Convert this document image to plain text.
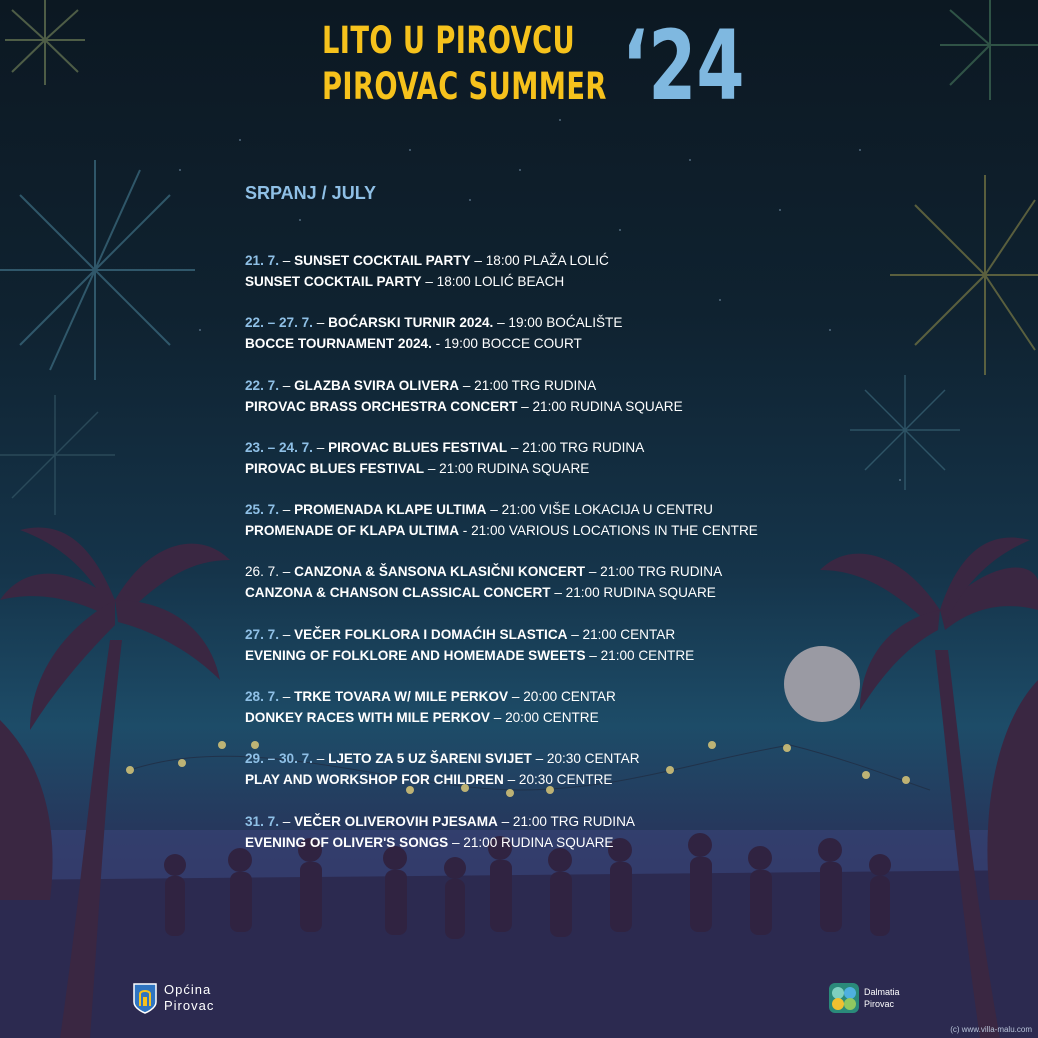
LITO U PIROVCU
PIROVAC SUMMER ‘24
SRPANJ / JULY
21. 7. – SUNSET COCKTAIL PARTY – 18:00 PLAŽA LOLIĆ
SUNSET COCKTAIL PARTY – 18:00 LOLIĆ BEACH
22. – 27. 7. – BOĆARSKI TURNIR 2024. – 19:00 BOĆALIŠTE
BOCCE TOURNAMENT 2024. - 19:00 BOCCE COURT
22. 7. – GLAZBA SVIRA OLIVERA – 21:00 TRG RUDINA
PIROVAC BRASS ORCHESTRA CONCERT – 21:00 RUDINA SQUARE
23. – 24. 7. – PIROVAC BLUES FESTIVAL – 21:00 TRG RUDINA
PIROVAC BLUES FESTIVAL – 21:00 RUDINA SQUARE
25. 7. – PROMENADA KLAPE ULTIMA – 21:00 VIŠE LOKACIJA U CENTRU
PROMENADE OF KLAPA ULTIMA - 21:00 VARIOUS LOCATIONS IN THE CENTRE
26. 7. – CANZONA & ŠANSONA KLASIČNI KONCERT – 21:00 TRG RUDINA
CANZONA & CHANSON CLASSICAL CONCERT – 21:00 RUDINA SQUARE
27. 7. – VEČER FOLKLORA I DOMAĆIH SLASTICA – 21:00 CENTAR
EVENING OF FOLKLORE AND HOMEMADE SWEETS – 21:00 CENTRE
28. 7. – TRKE TOVARA W/ MILE PERKOV – 20:00 CENTAR
DONKEY RACES WITH MILE PERKOV – 20:00 CENTRE
29. – 30. 7. – LJETO ZA 5 UZ ŠARENI SVIJET – 20:30 CENTAR
PLAY AND WORKSHOP FOR CHILDREN – 20:30 CENTRE
31. 7. – VEČER OLIVEROVIH PJESAMA – 21:00 TRG RUDINA
EVENING OF OLIVER'S SONGS – 21:00 RUDINA SQUARE
Općina
Pirovac
Dalmatia
Pirovac
(c) www.villa-malu.com
